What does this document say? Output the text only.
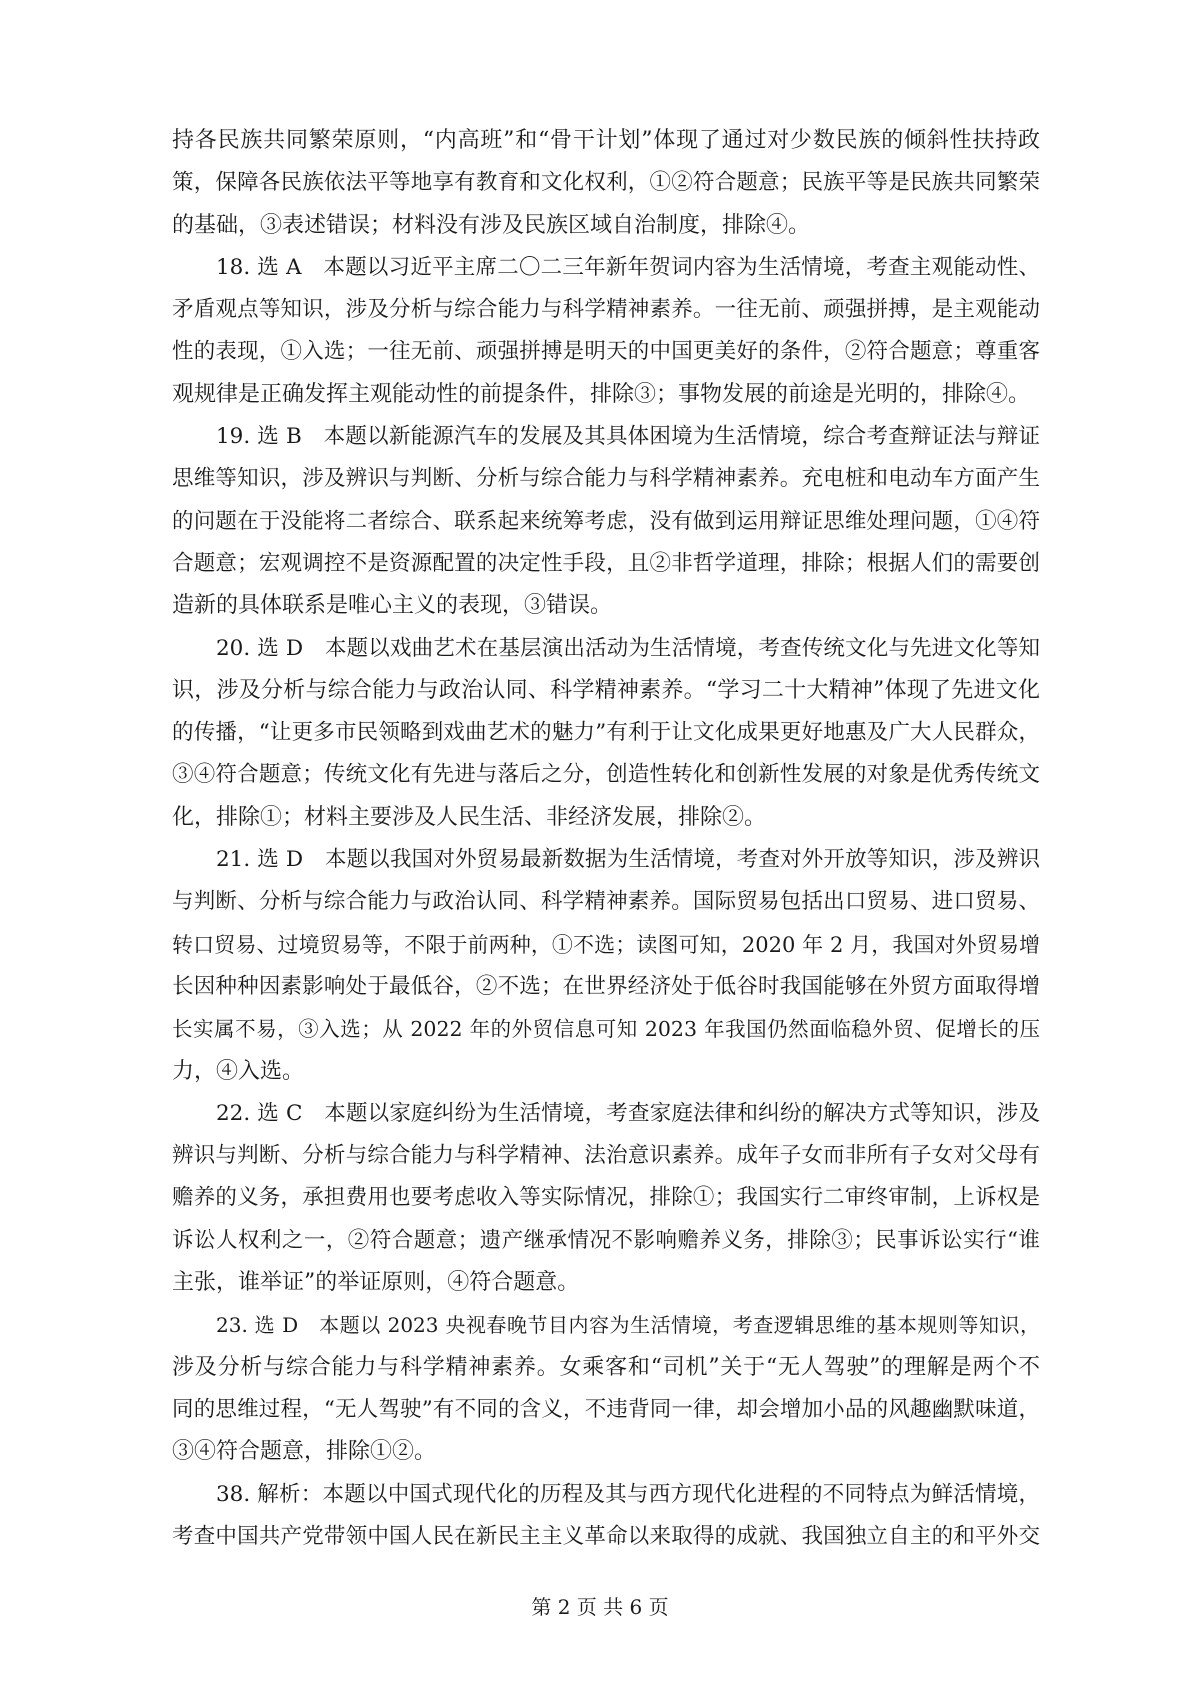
持各民族共同繁荣原则，“内高班”和“骨干计划”体现了通过对少数民族的倾斜性扶持政
策，保障各民族依法平等地享有教育和文化权利，①②符合题意；民族平等是民族共同繁荣
的基础，③表述错误；材料没有涉及民族区域自治制度，排除④。
18. 选 A　本题以习近平主席二〇二三年新年贺词内容为生活情境，考查主观能动性、
矛盾观点等知识，涉及分析与综合能力与科学精神素养。一往无前、顽强拼搏，是主观能动
性的表现，①入选；一往无前、顽强拼搏是明天的中国更美好的条件，②符合题意；尊重客
观规律是正确发挥主观能动性的前提条件，排除③；事物发展的前途是光明的，排除④。
19. 选 B　本题以新能源汽车的发展及其具体困境为生活情境，综合考查辩证法与辩证
思维等知识，涉及辨识与判断、分析与综合能力与科学精神素养。充电桩和电动车方面产生
的问题在于没能将二者综合、联系起来统筹考虑，没有做到运用辩证思维处理问题，①④符
合题意；宏观调控不是资源配置的决定性手段，且②非哲学道理，排除；根据人们的需要创
造新的具体联系是唯心主义的表现，③错误。
20. 选 D　本题以戏曲艺术在基层演出活动为生活情境，考查传统文化与先进文化等知
识，涉及分析与综合能力与政治认同、科学精神素养。“学习二十大精神”体现了先进文化
的传播，“让更多市民领略到戏曲艺术的魅力”有利于让文化成果更好地惠及广大人民群众，
③④符合题意；传统文化有先进与落后之分，创造性转化和创新性发展的对象是优秀传统文
化，排除①；材料主要涉及人民生活、非经济发展，排除②。
21. 选 D　本题以我国对外贸易最新数据为生活情境，考查对外开放等知识，涉及辨识
与判断、分析与综合能力与政治认同、科学精神素养。国际贸易包括出口贸易、进口贸易、
转口贸易、过境贸易等，不限于前两种，①不选；读图可知，2020 年 2 月，我国对外贸易增
长因种种因素影响处于最低谷，②不选；在世界经济处于低谷时我国能够在外贸方面取得增
长实属不易，③入选；从 2022 年的外贸信息可知 2023 年我国仍然面临稳外贸、促增长的压
力，④入选。
22. 选 C　本题以家庭纠纷为生活情境，考查家庭法律和纠纷的解决方式等知识，涉及
辨识与判断、分析与综合能力与科学精神、法治意识素养。成年子女而非所有子女对父母有
赡养的义务，承担费用也要考虑收入等实际情况，排除①；我国实行二审终审制，上诉权是
诉讼人权利之一，②符合题意；遗产继承情况不影响赡养义务，排除③；民事诉讼实行“谁
主张，谁举证”的举证原则，④符合题意。
23. 选 D　本题以 2023 央视春晚节目内容为生活情境，考查逻辑思维的基本规则等知识，
涉及分析与综合能力与科学精神素养。女乘客和“司机”关于“无人驾驶”的理解是两个不
同的思维过程，“无人驾驶”有不同的含义，不违背同一律，却会增加小品的风趣幽默味道，
③④符合题意，排除①②。
38. 解析：本题以中国式现代化的历程及其与西方现代化进程的不同特点为鲜活情境，
考查中国共产党带领中国人民在新民主主义革命以来取得的成就、我国独立自主的和平外交
第 2 页 共 6 页
